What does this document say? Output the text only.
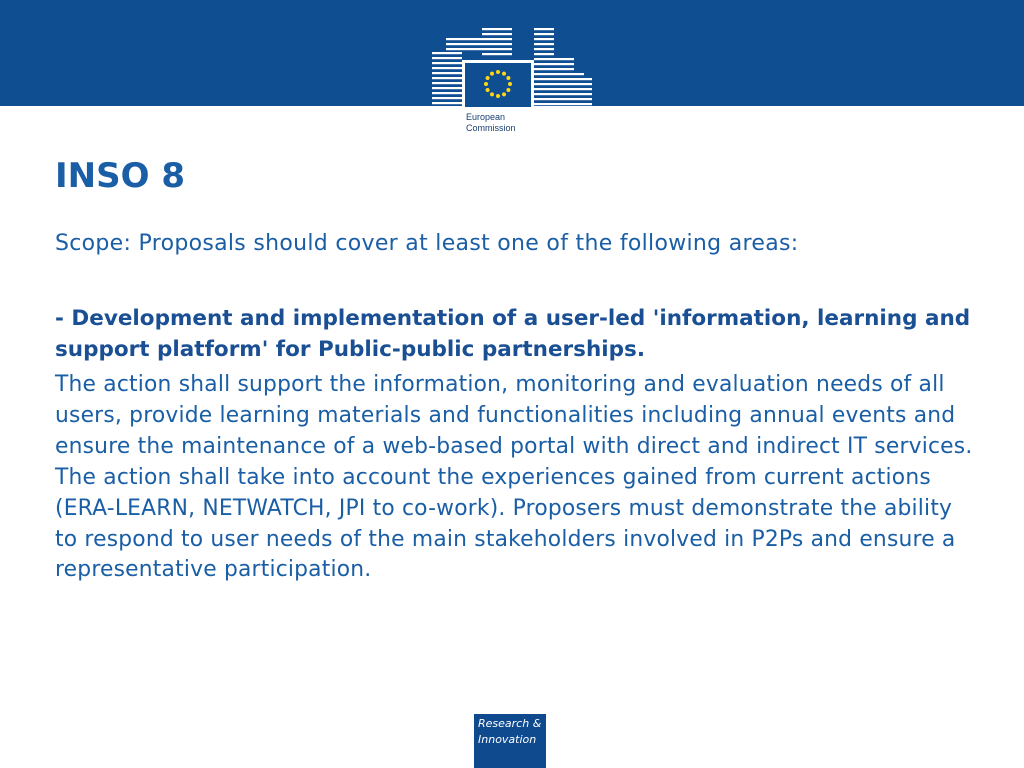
European
Commission
INSO 8

Scope: Proposals should cover at least one of the following areas:

- Development and implementation of a user-led 'information, learning and support platform' for Public-public partnerships.

The action shall support the information, monitoring and evaluation needs of all users, provide learning materials and functionalities including annual events and ensure the maintenance of a web-based portal with direct and indirect IT services. The action shall take into account the experiences gained from current actions (ERA-LEARN, NETWATCH, JPI to co-work). Proposers must demonstrate the ability to respond to user needs of the main stakeholders involved in P2Ps and ensure a representative participation.

Research &
Innovation
